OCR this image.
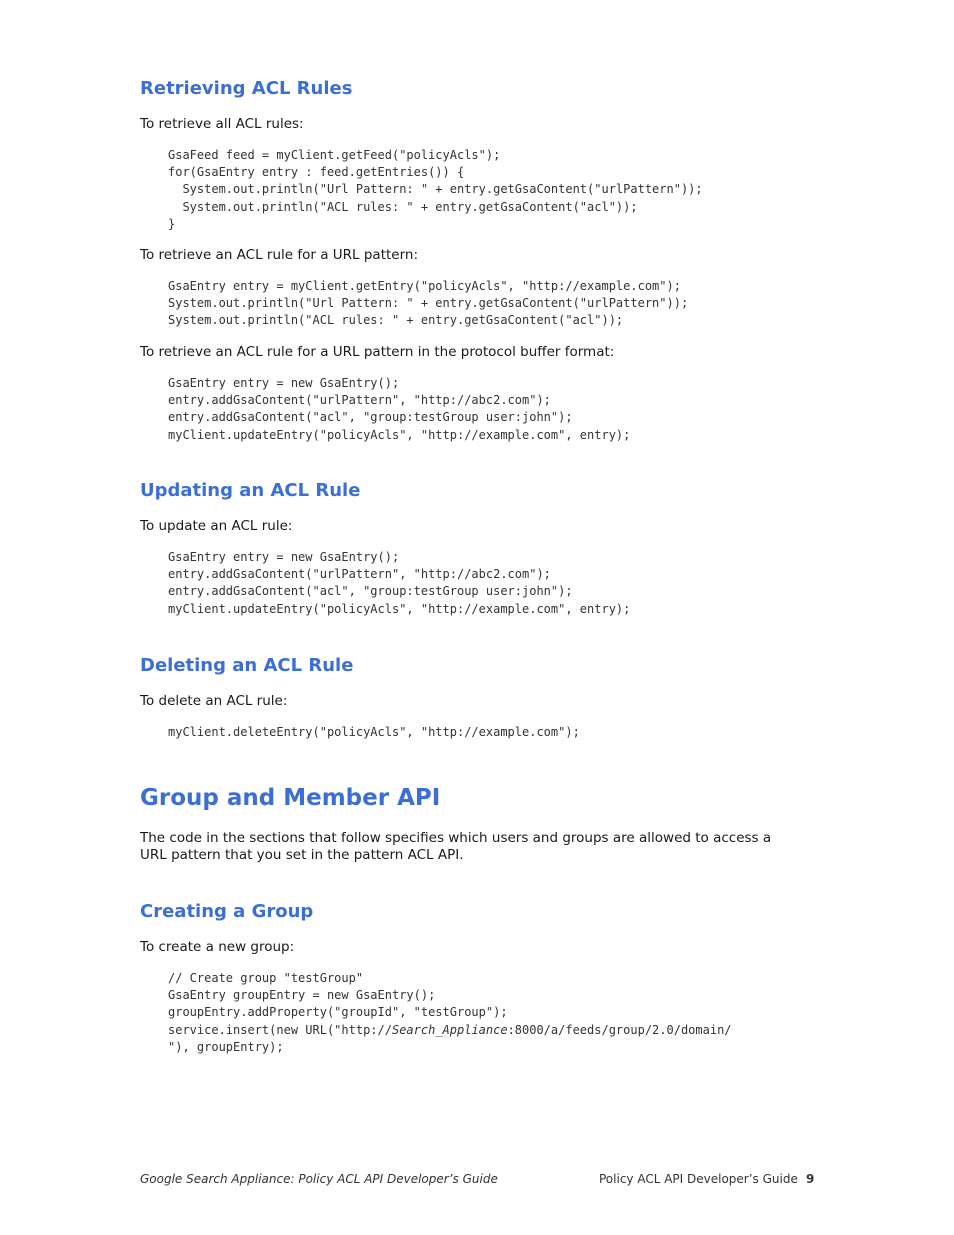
Retrieving ACL Rules

To retrieve all ACL rules:

GsaFeed feed = myClient.getFeed("policyAcls");
for(GsaEntry entry : feed.getEntries()) {
System.out.println("Url Pattern: " + entry.getGsaContent("urlPattern"));
System.out.println("ACL rules: " + entry.getGsaContent("acl"));
}

To retrieve an ACL rule for a URL pattern:

GsaEntry entry = myClient.getEntry("policyAcls", "http://example.com");
System.out.println("Url Pattern: " + entry.getGsaContent("urlPattern"));
System.out.println("ACL rules: " + entry.getGsaContent("acl"));

To retrieve an ACL rule for a URL pattern in the protocol buffer format:

GsaEntry entry = new GsaEntry();
entry.addGsaContent("urlPattern", "http://abc2.com");
entry.addGsaContent("acl", "group:testGroup user:john");
myClient.updateEntry("policyAcls", "http://example.com", entry);
Updating an ACL Rule

To update an ACL rule:

GsaEntry entry = new GsaEntry();
entry.addGsaContent("urlPattern", "http://abc2.com");
entry.addGsaContent("acl", "group:testGroup user:john");
myClient.updateEntry("policyAcls", "http://example.com", entry);
Deleting an ACL Rule

To delete an ACL rule:

myClient.deleteEntry("policyAcls", "http://example.com");
Group and Member API

The code in the sections that follow specifies which users and groups are allowed to access a URL pattern that you set in the pattern ACL API.

Creating a Group

To create a new group:

// Create group "testGroup"
GsaEntry groupEntry = new GsaEntry();
groupEntry.addProperty("groupId", "testGroup");
service.insert(new URL("http://Search_Appliance:8000/a/feeds/group/2.0/domain/
"), groupEntry);
Google Search Appliance: Policy ACL API Developer’s Guide	Policy ACL API Developer’s Guide 9
